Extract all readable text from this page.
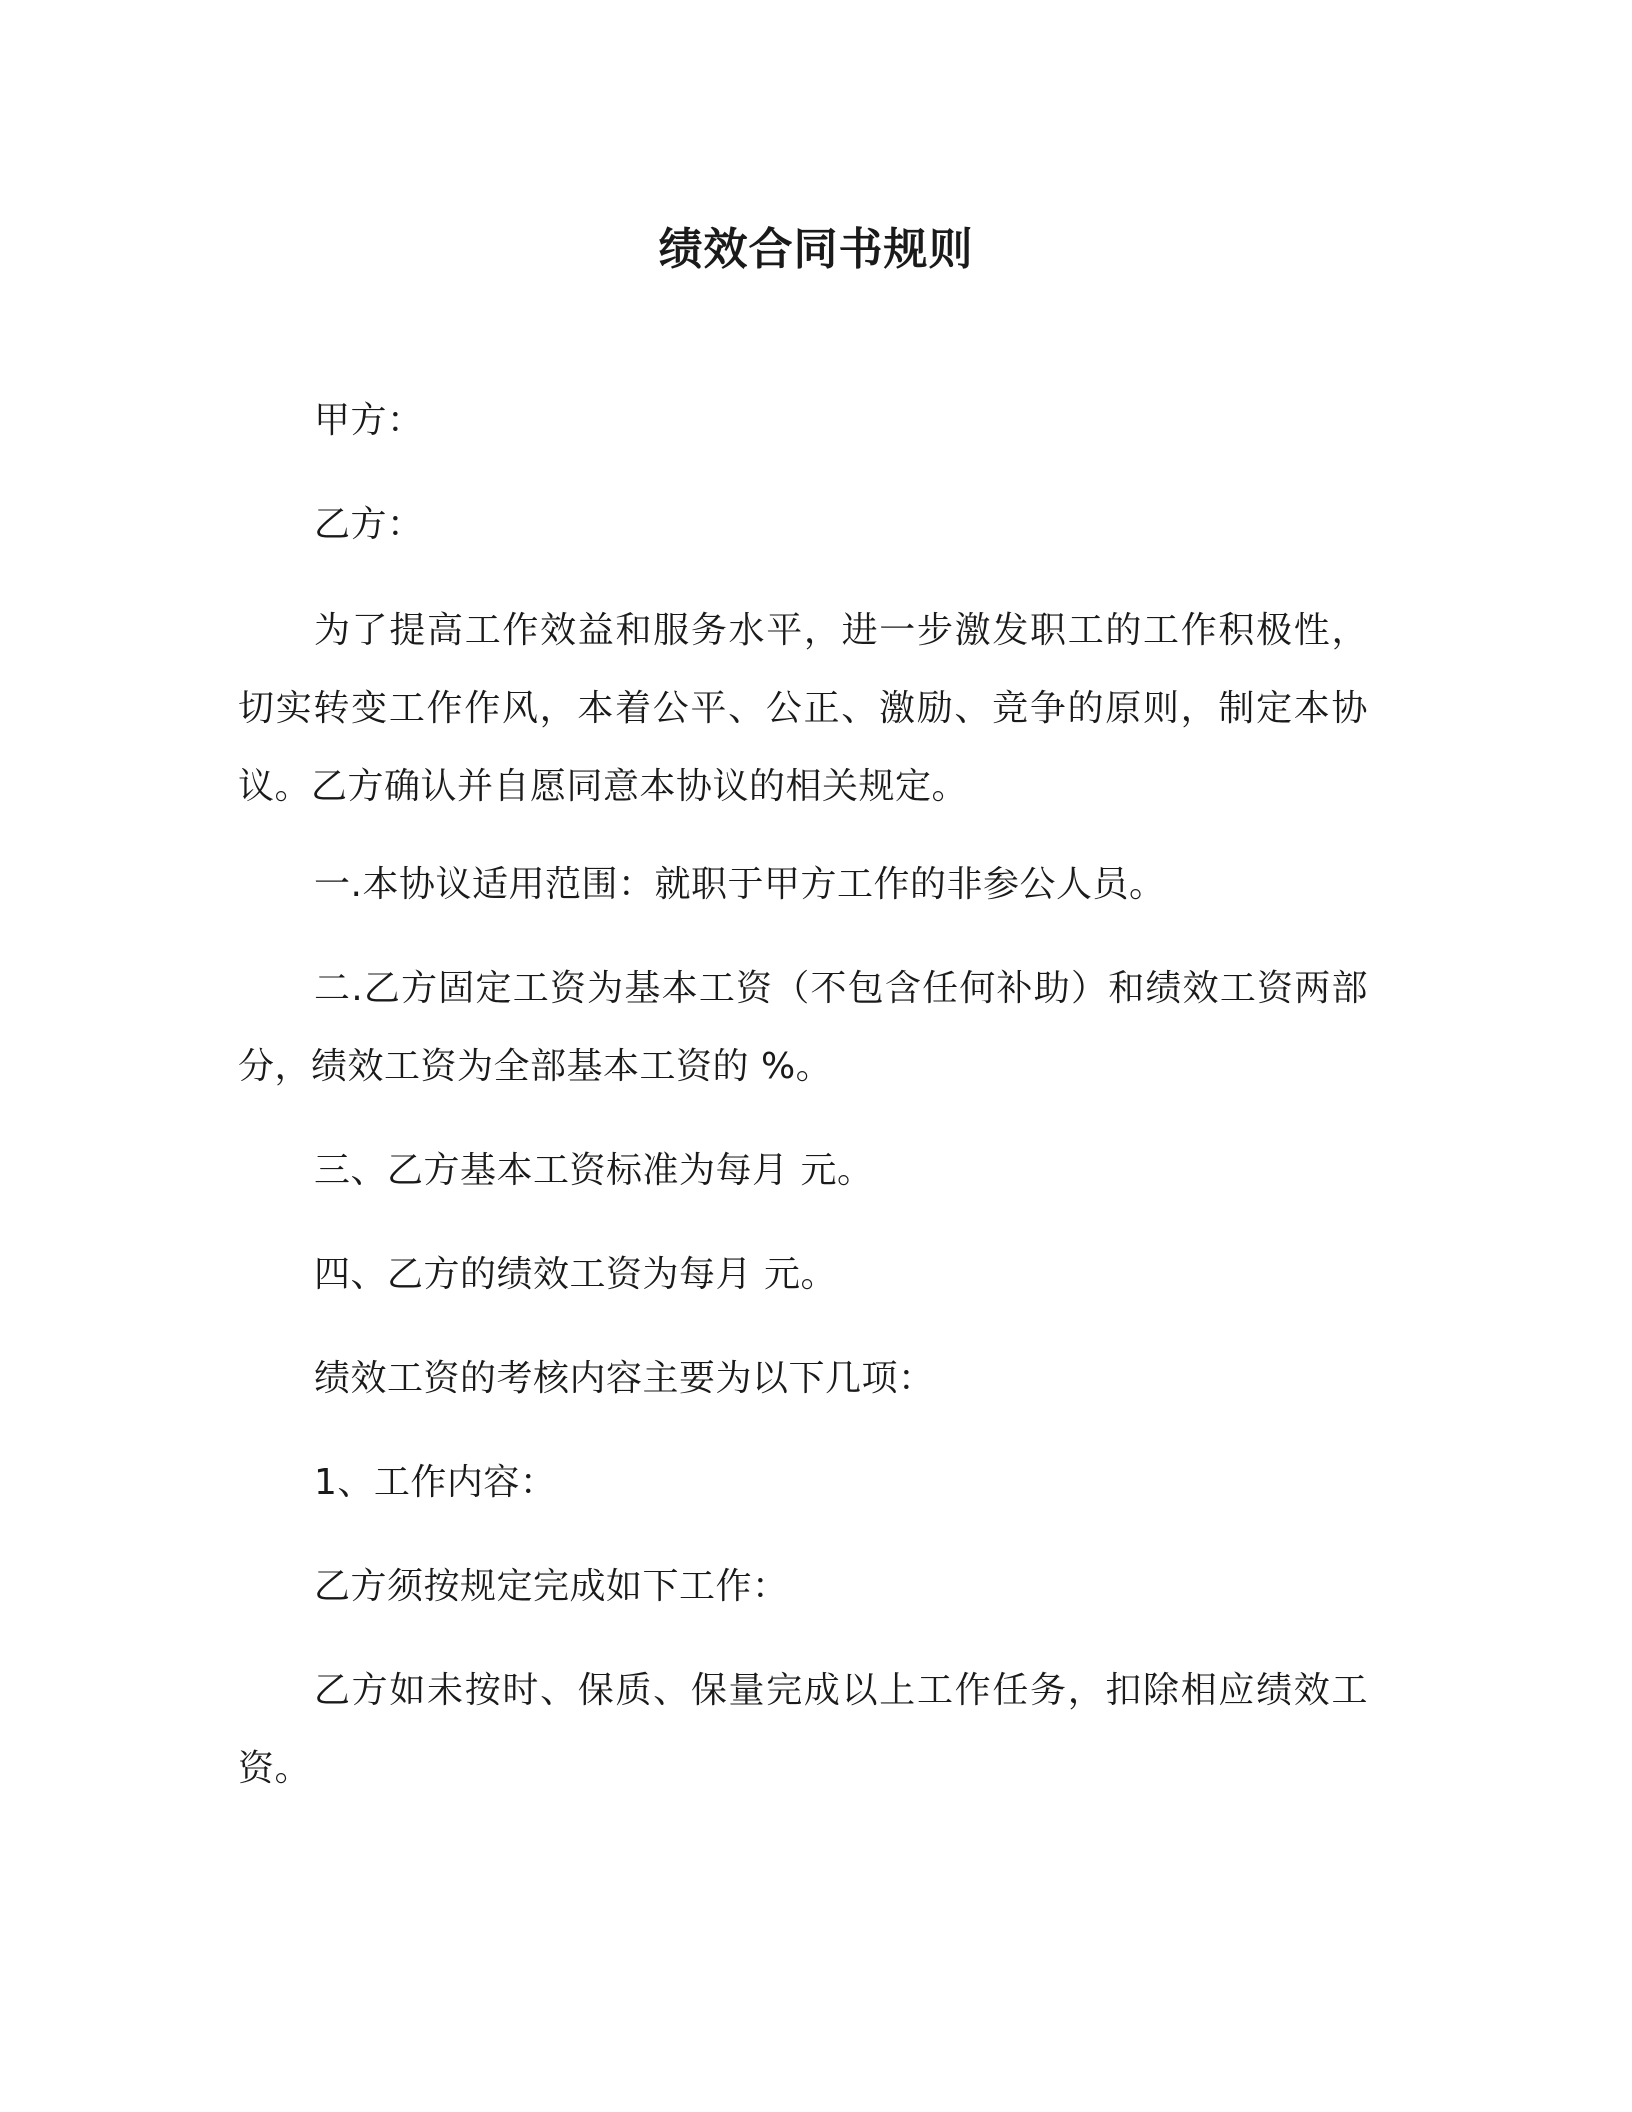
绩效合同书规则

甲方：

乙方：

为了提高工作效益和服务水平，进一步激发职工的工作积极性，切实转变工作作风，本着公平、公正、激励、竞争的原则，制定本协议。乙方确认并自愿同意本协议的相关规定。

一.本协议适用范围：就职于甲方工作的非参公人员。

二.乙方固定工资为基本工资（不包含任何补助）和绩效工资两部分，绩效工资为全部基本工资的 %。

三、乙方基本工资标准为每月 元。

四、乙方的绩效工资为每月 元。

绩效工资的考核内容主要为以下几项：

1、工作内容：

乙方须按规定完成如下工作：

乙方如未按时、保质、保量完成以上工作任务，扣除相应绩效工资。
